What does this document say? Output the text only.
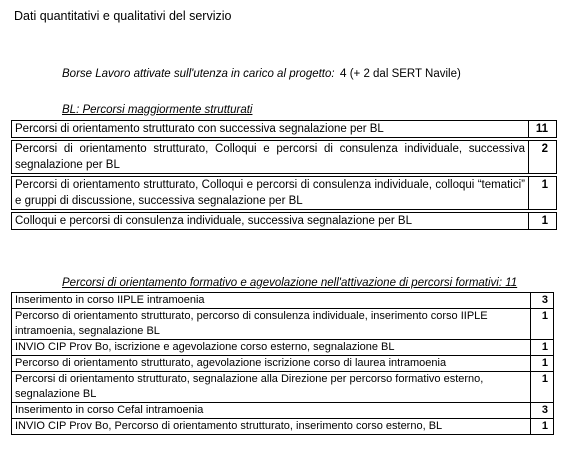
Dati quantitativi e qualitativi del servizio
Borse Lavoro attivate sull'utenza in carico al progetto: 4 (+ 2 dal SERT Navile)
BL: Percorsi maggiormente strutturati
Percorsi di orientamento strutturato con successiva segnalazione per BL	11

Percorsi di orientamento strutturato, Colloqui e percorsi di consulenza individuale, successiva segnalazione per BL	2

Percorsi di orientamento strutturato, Colloqui e percorsi di consulenza individuale, colloqui “tematici” e gruppi di discussione, successiva segnalazione per BL	1

Colloqui e percorsi di consulenza individuale, successiva segnalazione per BL	1
Percorsi di orientamento formativo e agevolazione nell'attivazione di percorsi formativi: 11
Inserimento in corso IIPLE intramoenia	3
Percorso di orientamento strutturato, percorso di consulenza individuale, inserimento corso IIPLE intramoenia, segnalazione BL	1
INVIO CIP Prov Bo, iscrizione e agevolazione corso esterno, segnalazione BL	1
Percorso di orientamento strutturato, agevolazione iscrizione corso di laurea intramoenia	1
Percorsi di orientamento strutturato, segnalazione alla Direzione per percorso formativo esterno, segnalazione BL	1
Inserimento in corso Cefal intramoenia	3
INVIO CIP Prov Bo, Percorso di orientamento strutturato, inserimento corso esterno, BL	1
